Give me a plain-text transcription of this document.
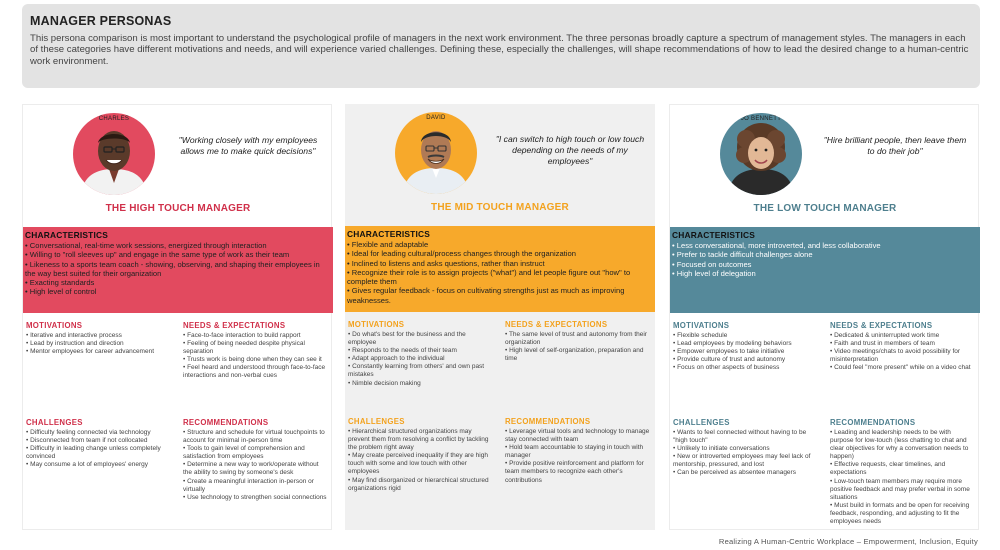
MANAGER PERSONAS

This persona comparison is most important to understand the psychological profile of managers in the next work environment. The three personas broadly capture a spectrum of management styles. The managers in each of these categories have different motivations and needs, and will experience varied challenges. Defining these, especially the challenges, will shape recommendations of how to lead the desired change to a human-centric work environment.

CHARLES
"Working closely with my employees allows me to make quick decisions"
THE HIGH TOUCH MANAGER
CHARACTERISTICS
• Conversational, real-time work sessions, energized through interaction
• Willing to "roll sleeves up" and engage in the same type of work as their team
• Likeness to a sports team coach - showing, observing, and shaping their employees in the way best suited for their organization
• Exacting standards
• High level of control
MOTIVATIONS
• Iterative and interactive process
• Lead by instruction and direction
• Mentor employees for career advancement
NEEDS & EXPECTATIONS
• Face-to-face interaction to build rapport
• Feeling of being needed despite physical separation
• Trusts work is being done when they can see it
• Feel heard and understood through face-to-face interactions and non-verbal cues
CHALLENGES
• Difficulty feeling connected via technology
• Disconnected from team if not collocated
• Difficulty in leading change unless completely convinced
• May consume a lot of employees' energy
RECOMMENDATIONS
• Structure and schedule for virtual touchpoints to account for minimal in-person time
• Tools to gain level of comprehension and satisfaction from employees
• Determine a new way to work/operate without the ability to swing by someone's desk
• Create a meaningful interaction in-person or virtually
• Use technology to strengthen social connections
DAVID
"I can switch to high touch or low touch depending on the needs of my employees"
THE MID TOUCH MANAGER
CHARACTERISTICS
• Flexible and adaptable
• Ideal for leading cultural/process changes through the organization
• Inclined to listens and asks questions, rather than instruct
• Recognize their role is to assign projects ("what") and let people figure out "how" to complete them
• Gives regular feedback - focus on cultivating strengths just as much as improving weaknesses.
MOTIVATIONS
• Do what's best for the business and the employee
• Responds to the needs of their team
• Adapt approach to the individual
• Constantly learning from others' and own past mistakes
• Nimble decision making
NEEDS & EXPECTATIONS
• The same level of trust and autonomy from their organization
• High level of self-organization, preparation and time
CHALLENGES
• Hierarchical structured organizations may prevent them from resolving a conflict by tackling the problem right away
• May create perceived inequality if they are high touch with some and low touch with other employees
• May find disorganized or hierarchical structured organizations rigid
RECOMMENDATIONS
• Leverage virtual tools and technology to manage stay connected with team
• Hold team accountable to staying in touch with manager
• Provide positive reinforcement and platform for team members to recognize each other's contributions
JO BENNETT
"Hire brilliant people, then leave them to do their job"
THE LOW TOUCH MANAGER
CHARACTERISTICS
• Less conversational, more introverted, and less collaborative
• Prefer to tackle difficult challenges alone
• Focused on outcomes
• High level of delegation
MOTIVATIONS
• Flexible schedule
• Lead employees by modeling behaviors
• Empower employees to take initiative
• Provide culture of trust and autonomy
• Focus on other aspects of business
NEEDS & EXPECTATIONS
• Dedicated & uninterrupted work time
• Faith and trust in members of team
• Video meetings/chats to avoid possibility for misinterpretation
• Could feel "more present" while on a video chat
CHALLENGES
• Wants to feel connected without having to be "high touch"
• Unlikely to initiate conversations
• New or introverted employees may feel lack of mentorship, pressured, and lost
• Can be perceived as absentee managers
RECOMMENDATIONS
• Leading and leadership needs to be with purpose for low-touch (less chatting to chat and clear objectives for why a conversation needs to happen)
• Effective requests, clear timelines, and expectations
• Low-touch team members may require more positive feedback and may prefer verbal in some situations
• Must build in formats and be open for receiving feedback, responding, and adjusting to fit the employees needs
Realizing A Human-Centric Workplace – Empowerment, Inclusion, Equity
